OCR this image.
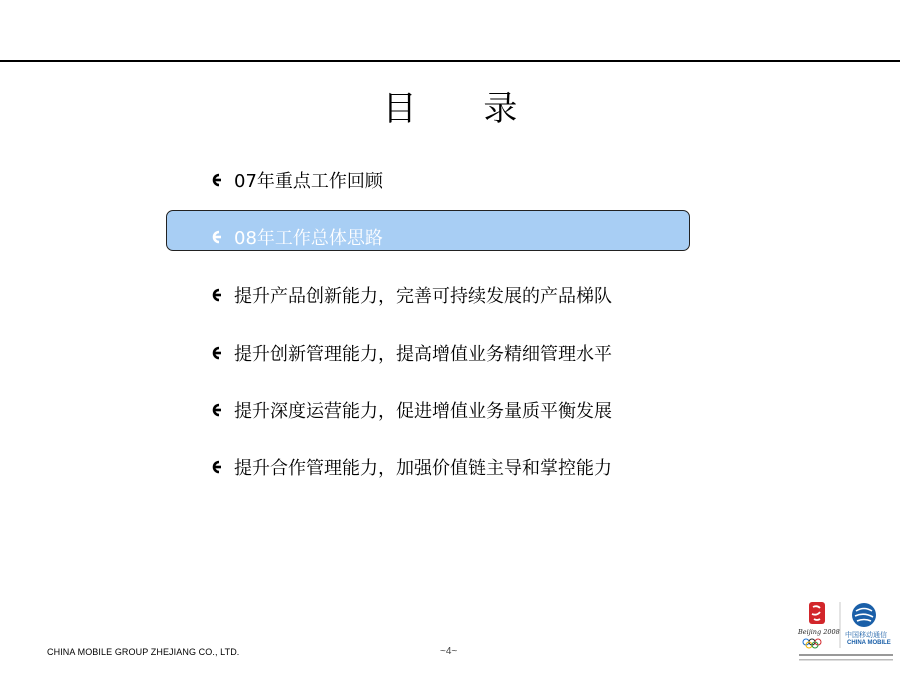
目 录
07年重点工作回顾
08年工作总体思路
提升产品创新能力，完善可持续发展的产品梯队
提升创新管理能力，提高增值业务精细管理水平
提升深度运营能力，促进增值业务量质平衡发展
提升合作管理能力，加强价值链主导和掌控能力
CHINA MOBILE GROUP ZHEJIANG CO., LTD.	~4~
Beijing 2008 中国移动通信
CHINA MOBILE
